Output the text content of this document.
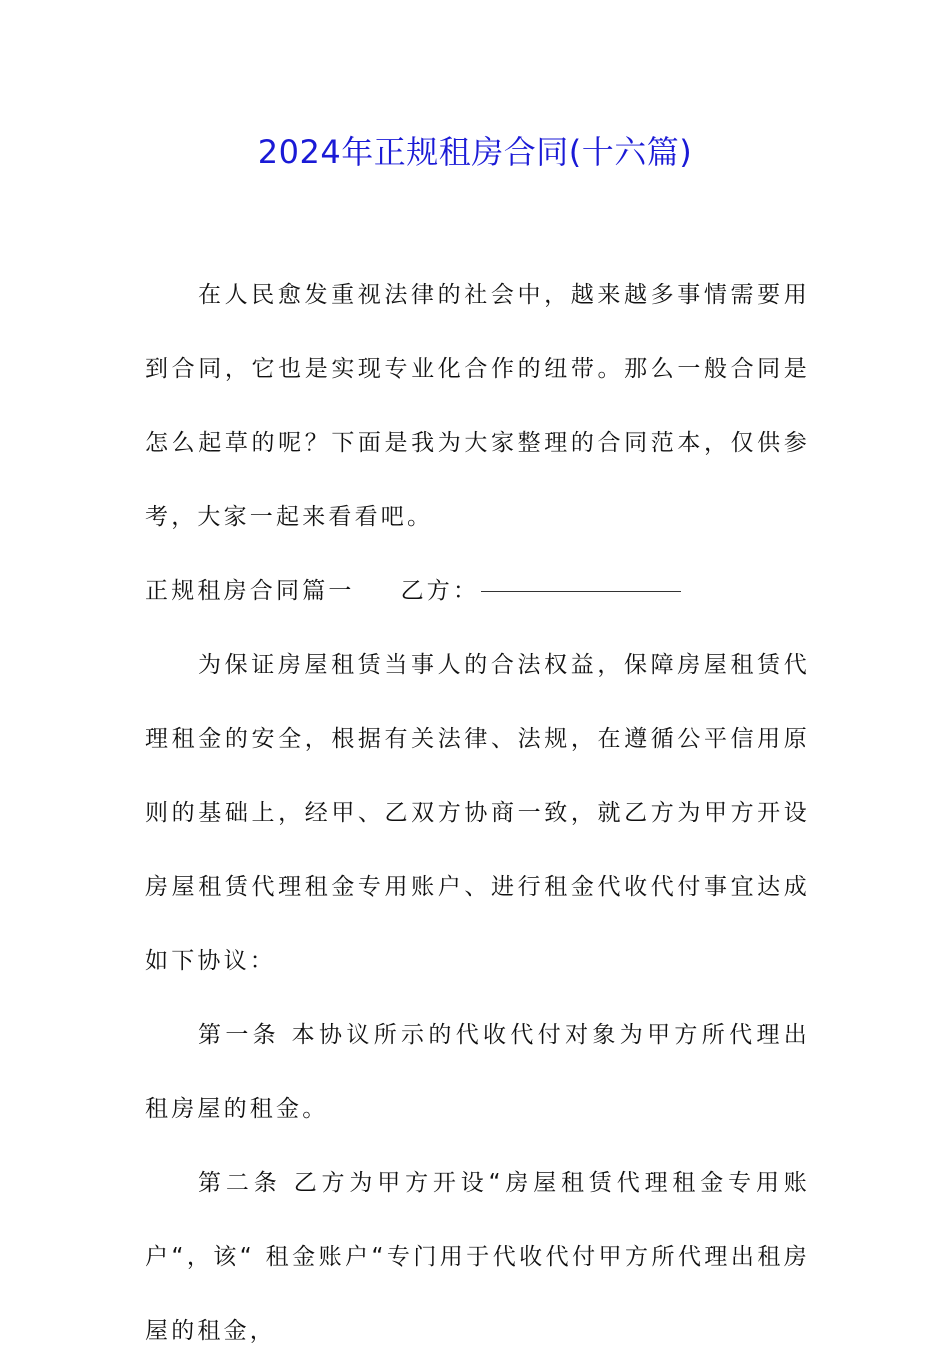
2024年正规租房合同(十六篇)

在人民愈发重视法律的社会中，越来越多事情需要用到合同，它也是实现专业化合作的纽带。那么一般合同是怎么起草的呢？下面是我为大家整理的合同范本，仅供参考，大家一起来看看吧。

正规租房合同篇一 乙方：

为保证房屋租赁当事人的合法权益，保障房屋租赁代理租金的安全，根据有关法律、法规，在遵循公平信用原则的基础上，经甲、乙双方协商一致，就乙方为甲方开设房屋租赁代理租金专用账户、进行租金代收代付事宜达成如下协议：

第一条 本协议所示的代收代付对象为甲方所代理出租房屋的租金。

第二条 乙方为甲方开设“房屋租赁代理租金专用账户“，该“ 租金账户“专门用于代收代付甲方所代理出租房屋的租金，
